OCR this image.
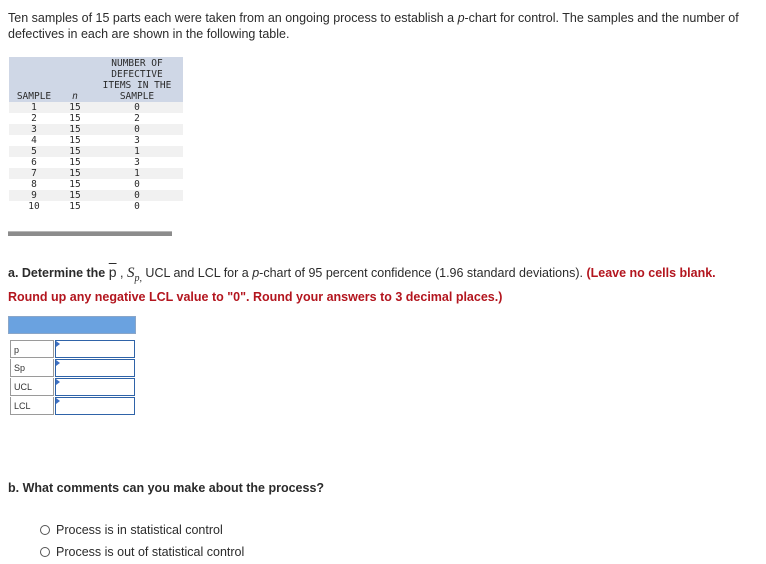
Ten samples of 15 parts each were taken from an ongoing process to establish a p-chart for control. The samples and the number of defectives in each are shown in the following table.
SAMPLE	n	NUMBER OF
DEFECTIVE
ITEMS IN THE
SAMPLE

1	15	0
2	15	2
3	15	0
4	15	3
5	15	1
6	15	3
7	15	1
8	15	0
9	15	0
10	15	0
a. Determine the $\overline{p}$ , $S_{p,}$ UCL and LCL for a p-chart of 95 percent confidence (1.96 standard deviations). (Leave no cells blank. Round up any negative LCL value to "0". Round your answers to 3 decimal places.)
p
Sp
UCL
LCL
b. What comments can you make about the process?
Process is in statistical control
Process is out of statistical control
